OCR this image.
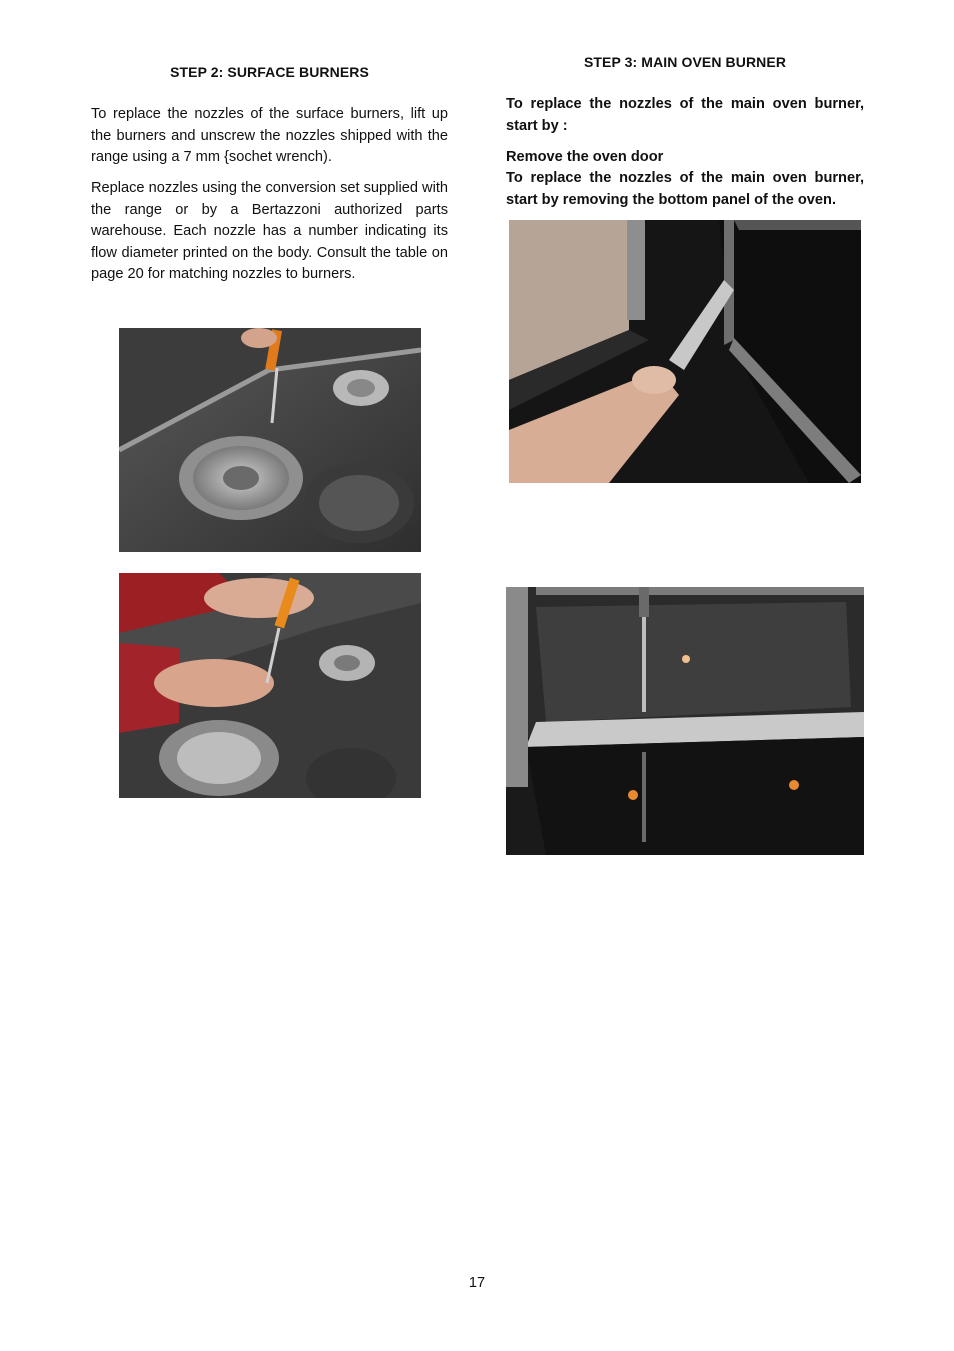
STEP 2: SURFACE BURNERS

To replace the nozzles of the surface burners, lift up the burners and unscrew the nozzles shipped with the range using a 7 mm {sochet wrench).

Replace nozzles using the conversion set supplied with the range or by a Bertazzoni authorized parts warehouse. Each nozzle has a number indicating its flow diameter printed on the body. Consult the table on page 20 for matching nozzles to burners.

STEP 3: MAIN OVEN BURNER

To replace the nozzles of the main oven burner, start by :

Remove the oven door

To replace the nozzles of the main oven burner, start by removing the bottom panel of the oven.

17
